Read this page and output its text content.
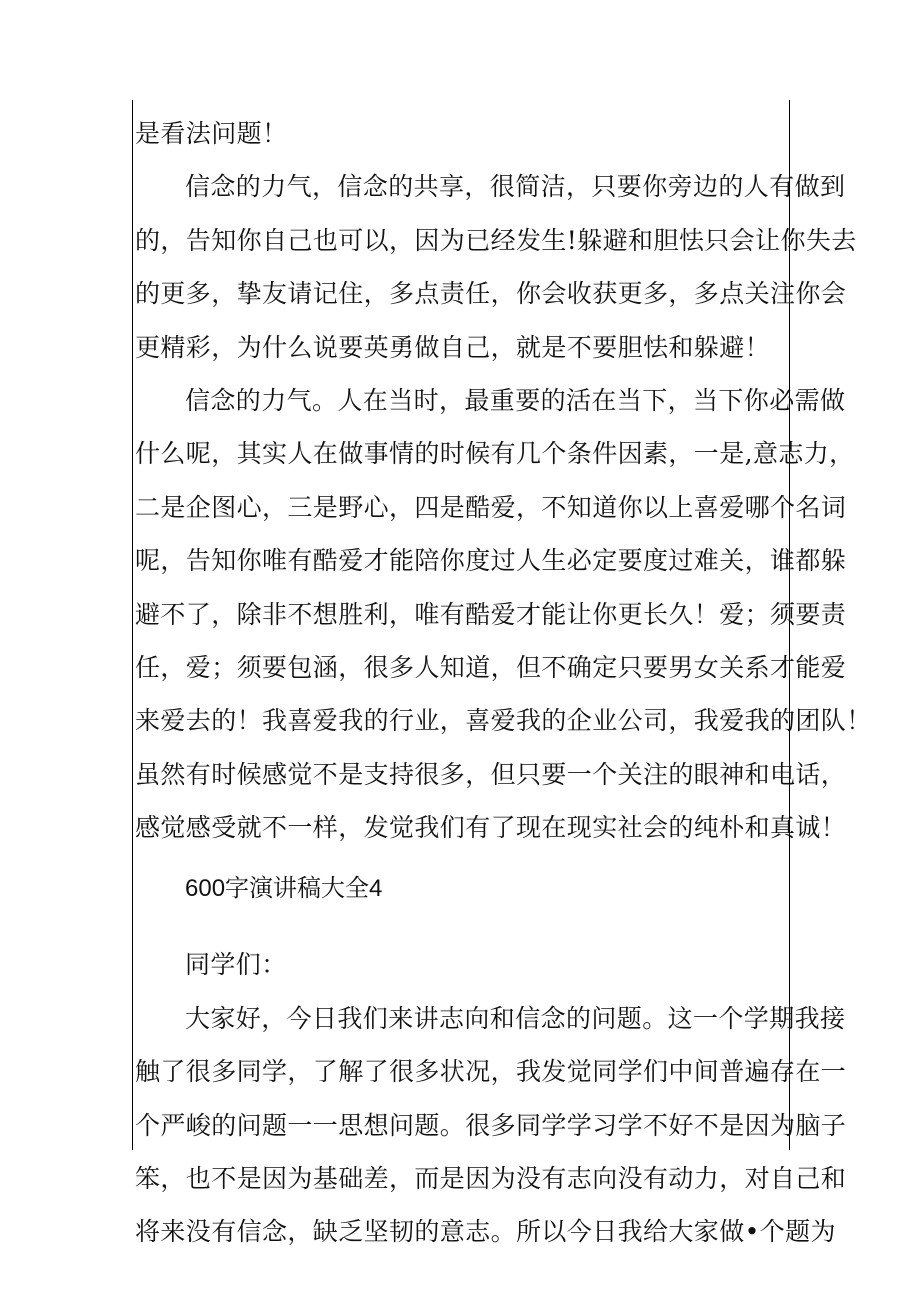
是看法问题！
信念的力气，信念的共享，很简洁，只要你旁边的人有做到
的，告知你自己也可以，因为已经发生!躲避和胆怯只会让你失去
的更多，挚友请记住，多点责任，你会收获更多，多点关注你会
更精彩，为什么说要英勇做自己，就是不要胆怯和躲避！
信念的力气。人在当时，最重要的活在当下，当下你必需做
什么呢，其实人在做事情的时候有几个条件因素，一是,意志力，
二是企图心，三是野心，四是酷爱，不知道你以上喜爱哪个名词
呢，告知你唯有酷爱才能陪你度过人生必定要度过难关，谁都躲
避不了，除非不想胜利，唯有酷爱才能让你更长久！爱；须要责
任，爱；须要包涵，很多人知道，但不确定只要男女关系才能爱
来爱去的！我喜爱我的行业，喜爱我的企业公司，我爱我的团队！
虽然有时候感觉不是支持很多，但只要一个关注的眼神和电话，
感觉感受就不一样，发觉我们有了现在现实社会的纯朴和真诚！
600字演讲稿大全4
同学们：
大家好，今日我们来讲志向和信念的问题。这一个学期我接
触了很多同学，了解了很多状况，我发觉同学们中间普遍存在一
个严峻的问题一一思想问题。很多同学学习学不好不是因为脑子
笨，也不是因为基础差，而是因为没有志向没有动力，对自己和
将来没有信念，缺乏坚韧的意志。所以今日我给大家做•个题为
